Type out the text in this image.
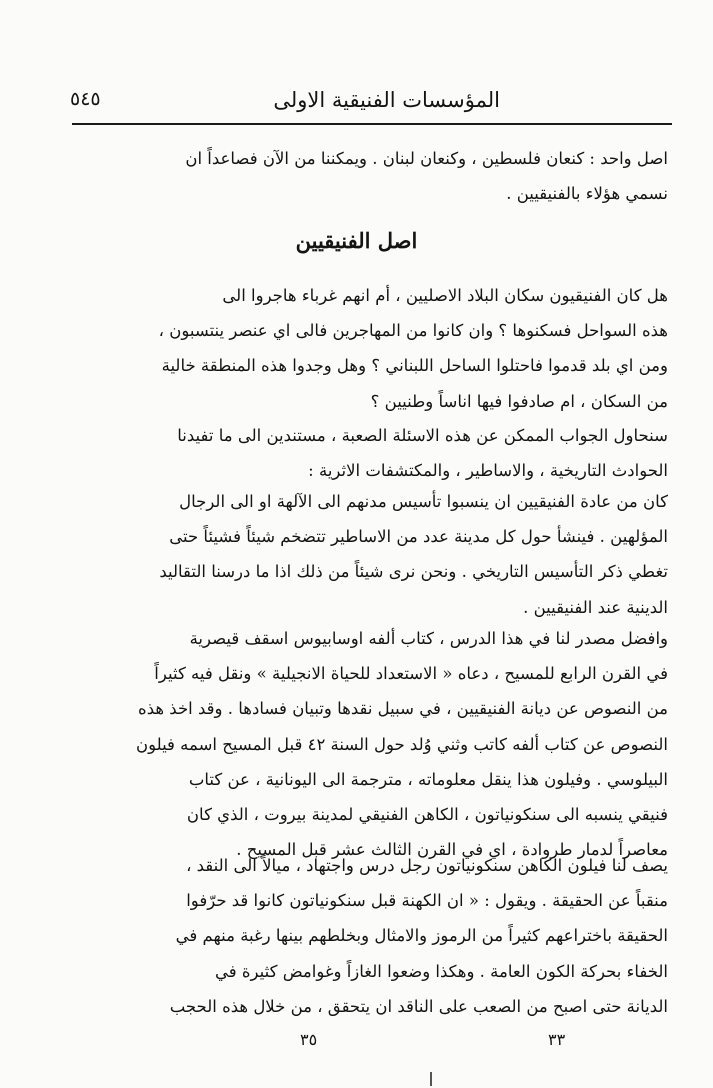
المؤسسات الفنيقية الاولى
٥٤٥
اصل واحد : كنعان فلسطين ، وكنعان لبنان . ويمكننا من الآن فصاعداً ان
نسمي هؤلاء بالفنيقيين .
اصل الفنيقيين
هل كان الفنيقيون سكان البلاد الاصليين ، أم انهم غرباء هاجروا الى
هذه السواحل فسكنوها ؟ وان كانوا من المهاجرين فالى اي عنصر ينتسبون ،
ومن اي بلد قدموا فاحتلوا الساحل اللبناني ؟ وهل وجدوا هذه المنطقة خالية
من السكان ، ام صادفوا فيها اناساً وطنيين ؟
سنحاول الجواب الممكن عن هذه الاسئلة الصعبة ، مستندين الى ما تفيدنا
الحوادث التاريخية ، والاساطير ، والمكتشفات الاثرية :
كان من عادة الفنيقيين ان ينسبوا تأسيس مدنهم الى الآلهة او الى الرجال
المؤلهين . فينشأ حول كل مدينة عدد من الاساطير تتضخم شيئاً فشيئاً حتى
تغطي ذكر التأسيس التاريخي . ونحن نرى شيئاً من ذلك اذا ما درسنا التقاليد
الدينية عند الفنيقيين .
وافضل مصدر لنا في هذا الدرس ، كتاب ألفه اوسابيوس اسقف قيصرية
في القرن الرابع للمسيح ، دعاه « الاستعداد للحياة الانجيلية » ونقل فيه كثيراً
من النصوص عن ديانة الفنيقيين ، في سبيل نقدها وتبيان فسادها . وقد اخذ هذه
النصوص عن كتاب ألفه كاتب وثني وُلد حول السنة ٤٢ قبل المسيح اسمه فيلون
البيلوسي . وفيلون هذا ينقل معلوماته ، مترجمة الى اليونانية ، عن كتاب
فنيقي ينسبه الى سنكونياتون ، الكاهن الفنيقي لمدينة بيروت ، الذي كان
معاصراً لدمار طروادة ، اي في القرن الثالث عشر قبل المسيح .
يصف لنا فيلون الكاهن سنكونياتون رجل درس واجتهاد ، ميالاً الى النقد ،
منقباً عن الحقيقة . ويقول : « ان الكهنة قبل سنكونياتون كانوا قد حرّفوا
الحقيقة باختراعهم كثيراً من الرموز والامثال وبخلطهم بينها رغبة منهم في
الخفاء بحركة الكون العامة . وهكذا وضعوا الغازاً وغوامض كثيرة في
الديانة حتى اصبح من الصعب على الناقد ان يتحقق ، من خلال هذه الحجب
٣٥	٣٣
